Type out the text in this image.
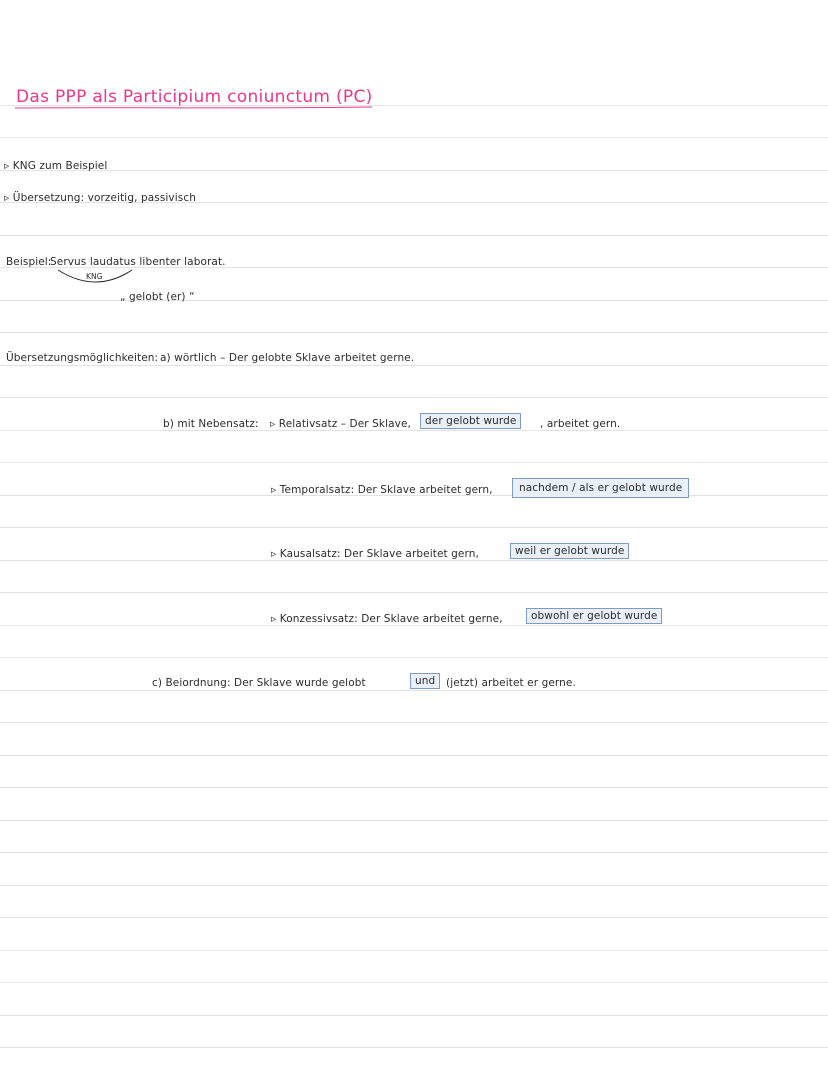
Das PPP als Participium coniunctum (PC)
▹ KNG zum Beispiel
▹ Übersetzung: vorzeitig, passivisch
Beispiel:
Servus laudatus libenter laborat.
KNG
„ gelobt (er) “
Übersetzungsmöglichkeiten: a) wörtlich – Der gelobte Sklave arbeitet gerne.
b) mit Nebensatz: ▹ Relativsatz – Der Sklave,	der gelobt wurde	, arbeitet gern.
▹ Temporalsatz: Der Sklave arbeitet gern,	nachdem / als er gelobt wurde
▹ Kausalsatz: Der Sklave arbeitet gern,	weil er gelobt wurde
▹ Konzessivsatz: Der Sklave arbeitet gerne,	obwohl er gelobt wurde
c) Beiordnung: Der Sklave wurde gelobt	und	(jetzt) arbeitet er gerne.
